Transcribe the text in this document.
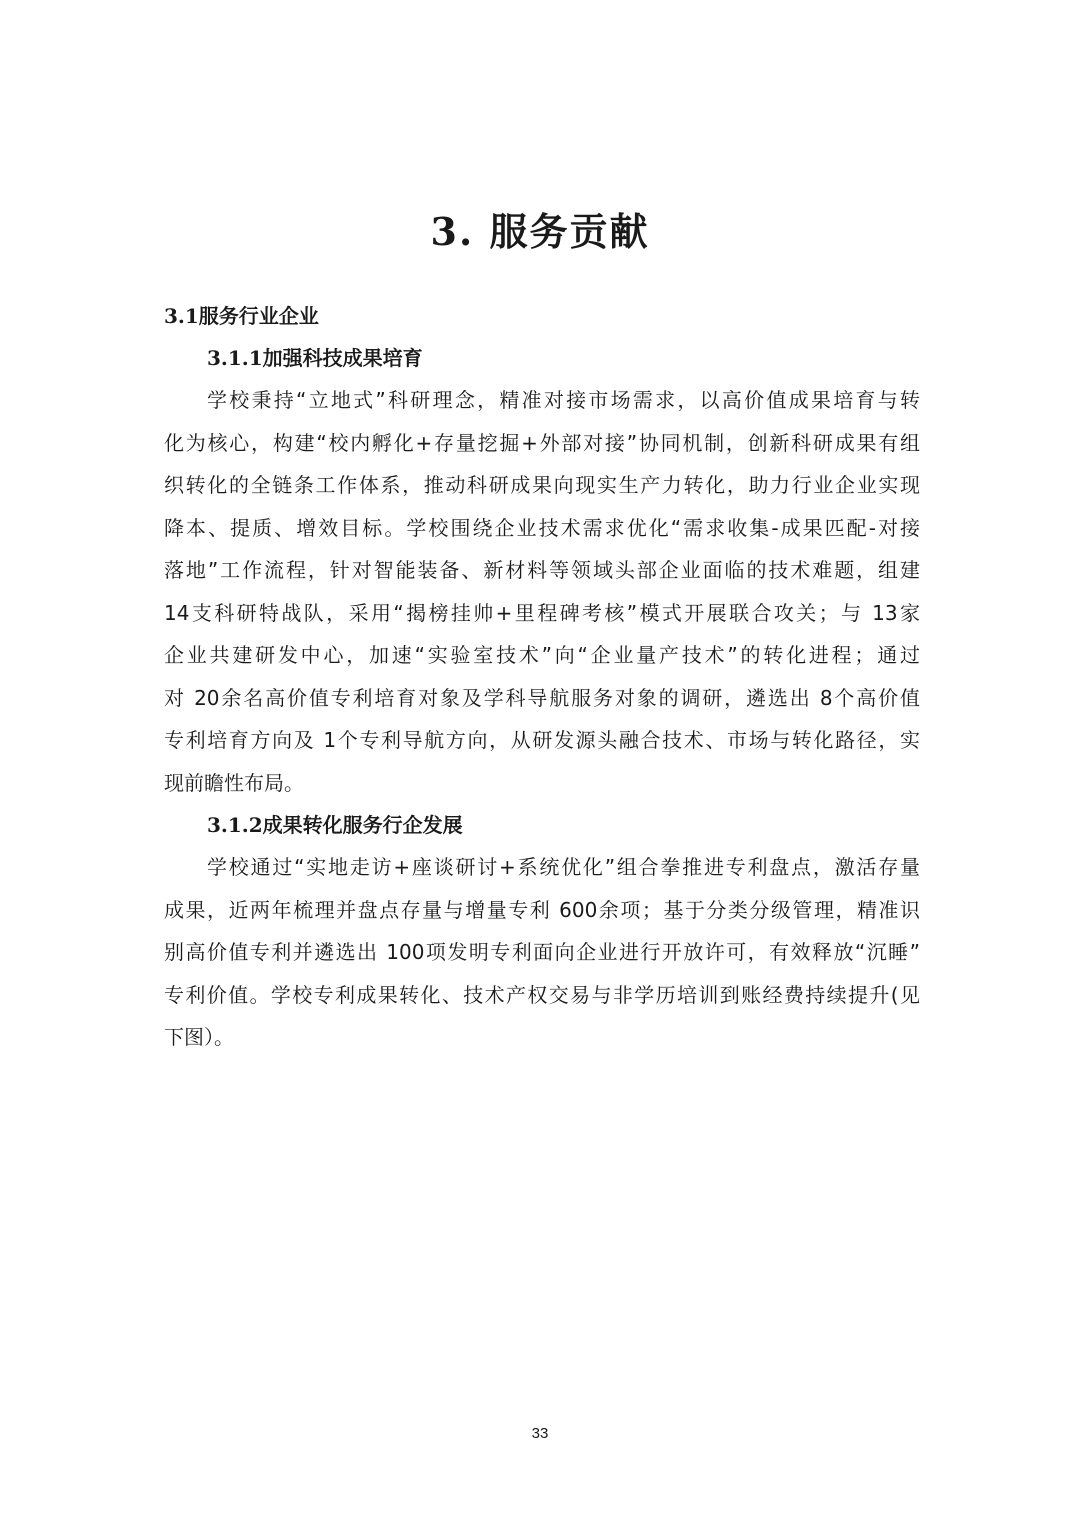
3. 服务贡献
3.1服务行业企业
3.1.1加强科技成果培育

学校秉持“立地式”科研理念，精准对接市场需求，以高价值成果培育与转

化为核心，构建“校内孵化+存量挖掘+外部对接”协同机制，创新科研成果有组

织转化的全链条工作体系，推动科研成果向现实生产力转化，助力行业企业实现

降本、提质、增效目标。学校围绕企业技术需求优化“需求收集-成果匹配-对接

落地”工作流程，针对智能装备、新材料等领域头部企业面临的技术难题，组建

14支科研特战队，采用“揭榜挂帅+里程碑考核”模式开展联合攻关；与 13家

企业共建研发中心，加速“实验室技术”向“企业量产技术”的转化进程；通过

对 20余名高价值专利培育对象及学科导航服务对象的调研，遴选出 8个高价值

专利培育方向及 1个专利导航方向，从研发源头融合技术、市场与转化路径，实

现前瞻性布局。

3.1.2成果转化服务行企发展

学校通过“实地走访+座谈研讨+系统优化”组合拳推进专利盘点，激活存量

成果，近两年梳理并盘点存量与增量专利 600余项；基于分类分级管理，精准识

别高价值专利并遴选出 100项发明专利面向企业进行开放许可，有效释放“沉睡”

专利价值。学校专利成果转化、技术产权交易与非学历培训到账经费持续提升(见

下图）。

33
